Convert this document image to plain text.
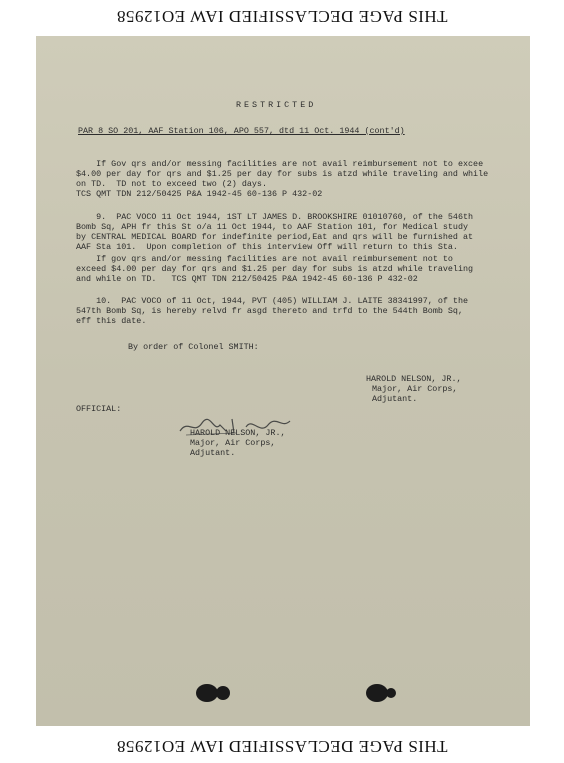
THIS PAGE DECLASSIFIED IAW EO12958
RESTRICTED
PAR 8 SO 201, AAF Station 106, APO 557, dtd 11 Oct. 1944 (cont'd)
If Gov qrs and/or messing facilities are not avail reimbursement not to excee
$4.00 per day for qrs and $1.25 per day for subs is atzd while traveling and while
on TD.  TD not to exceed two (2) days.
TCS QMT TDN 212/50425 P&A 1942-45 60-136 P 432-02
9.  PAC VOCO 11 Oct 1944, 1ST LT JAMES D. BROOKSHIRE 01010760, of the 546th
Bomb Sq, APH fr this St o/a 11 Oct 1944, to AAF Station 101, for Medical study
by CENTRAL MEDICAL BOARD for indefinite period,Eat and qrs will be furnished at
AAF Sta 101.  Upon completion of this interview Off will return to this Sta.
If gov qrs and/or messing facilities are not avail reimbursement not to
exceed $4.00 per day for qrs and $1.25 per day for subs is atzd while traveling
and while on TD.   TCS QMT TDN 212/50425 P&A 1942-45 60-136 P 432-02
10.  PAC VOCO of 11 Oct, 1944, PVT (405) WILLIAM J. LAITE 38341997, of the
547th Bomb Sq, is hereby relvd fr asgd thereto and trfd to the 544th Bomb Sq,
eff this date.
By order of Colonel SMITH:
HAROLD NELSON, JR.,
Major, Air Corps,
Adjutant.
OFFICIAL:
HAROLD NELSON, JR.,
Major, Air Corps,
Adjutant.
THIS PAGE DECLASSIFIED IAW EO12958
